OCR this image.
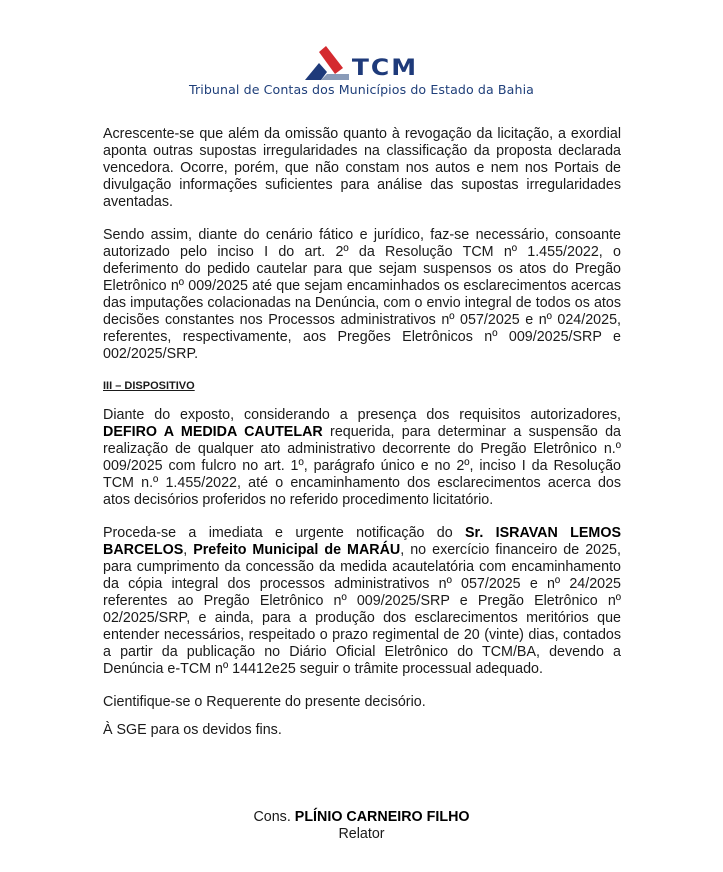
TCM
Tribunal de Contas dos Municípios do Estado da Bahia

Acrescente-se que além da omissão quanto à revogação da licitação, a exordial aponta outras supostas irregularidades na classificação da proposta declarada vencedora. Ocorre, porém, que não constam nos autos e nem nos Portais de divulgação informações suficientes para análise das supostas irregularidades aventadas.

Sendo assim, diante do cenário fático e jurídico, faz-se necessário, consoante autorizado pelo inciso I do art. 2º da Resolução TCM nº 1.455/2022, o deferimento do pedido cautelar para que sejam suspensos os atos do Pregão Eletrônico nº 009/2025 até que sejam encaminhados os esclarecimentos acercas das imputações colacionadas na Denúncia, com o envio integral de todos os atos decisões constantes nos Processos administrativos nº 057/2025 e nº 024/2025, referentes, respectivamente, aos Pregões Eletrônicos nº 009/2025/SRP e 002/2025/SRP.

III – DISPOSITIVO

Diante do exposto, considerando a presença dos requisitos autorizadores, DEFIRO A MEDIDA CAUTELAR requerida, para determinar a suspensão da realização de qualquer ato administrativo decorrente do Pregão Eletrônico n.º 009/2025 com fulcro no art. 1º, parágrafo único e no 2º, inciso I da Resolução TCM n.º 1.455/2022, até o encaminhamento dos esclarecimentos acerca dos atos decisórios proferidos no referido procedimento licitatório.

Proceda-se a imediata e urgente notificação do Sr. ISRAVAN LEMOS BARCELOS, Prefeito Municipal de MARÁU, no exercício financeiro de 2025, para cumprimento da concessão da medida acautelatória com encaminhamento da cópia integral dos processos administrativos nº 057/2025 e nº 24/2025 referentes ao Pregão Eletrônico nº 009/2025/SRP e Pregão Eletrônico nº 02/2025/SRP, e ainda, para a produção dos esclarecimentos meritórios que entender necessários, respeitado o prazo regimental de 20 (vinte) dias, contados a partir da publicação no Diário Oficial Eletrônico do TCM/BA, devendo a Denúncia e-TCM nº 14412e25 seguir o trâmite processual adequado.

Cientifique-se o Requerente do presente decisório.

À SGE para os devidos fins.

Cons. PLÍNIO CARNEIRO FILHO
Relator
